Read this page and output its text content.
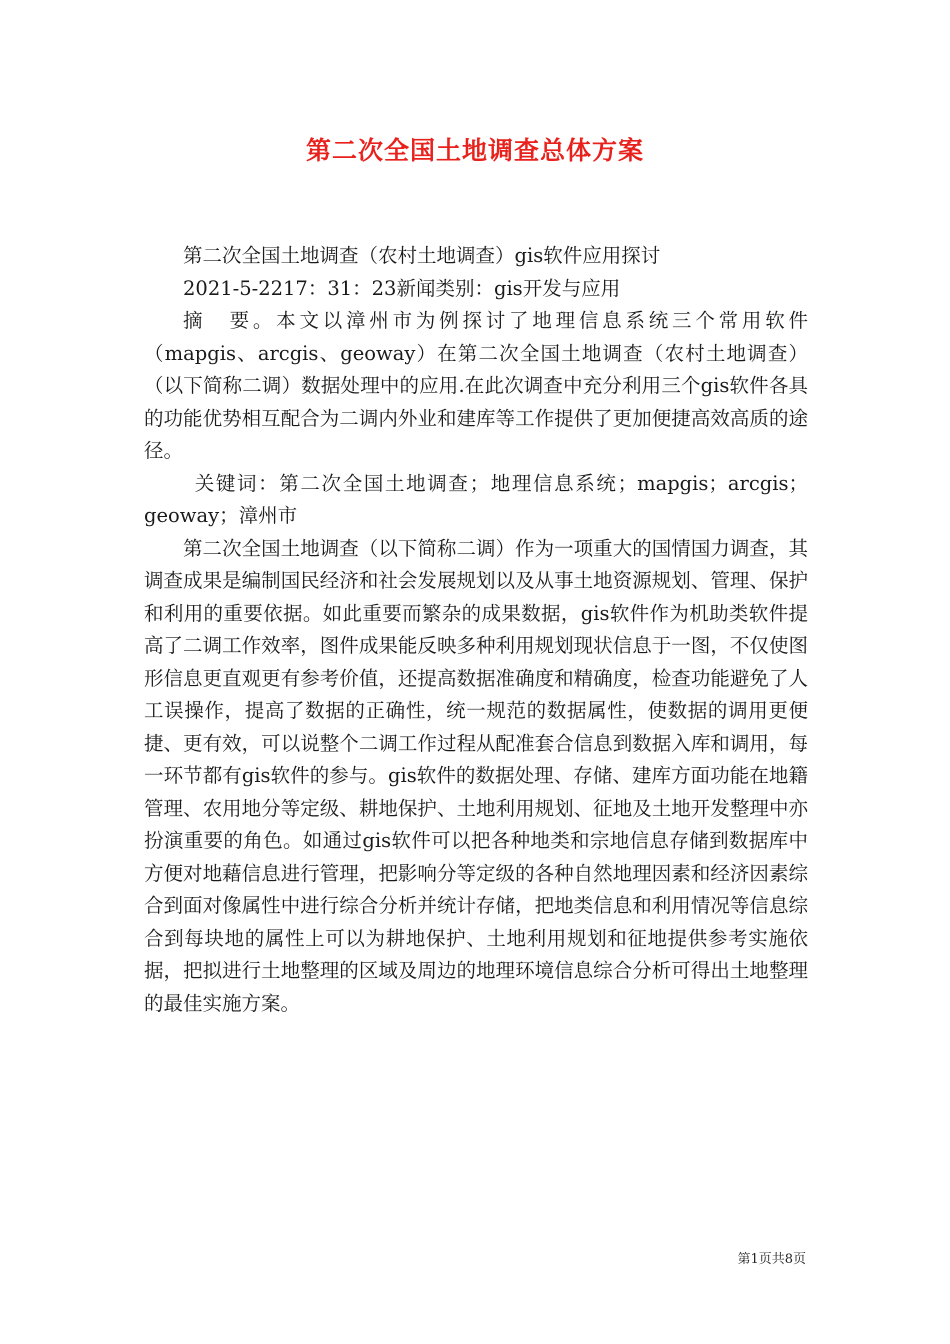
第二次全国土地调查总体方案

第二次全国土地调查（农村土地调查）gis软件应用探讨

2021-5-2217：31：23新闻类别：gis开发与应用

摘　要。本文以漳州市为例探讨了地理信息系统三个常用软件（mapgis、arcgis、geoway）在第二次全国土地调查（农村土地调查）（以下简称二调）数据处理中的应用.在此次调查中充分利用三个gis软件各具的功能优势相互配合为二调内外业和建库等工作提供了更加便捷高效高质的途径。

关键词：第二次全国土地调查；地理信息系统；mapgis；arcgis；geoway；漳州市

第二次全国土地调查（以下简称二调）作为一项重大的国情国力调查，其调查成果是编制国民经济和社会发展规划以及从事土地资源规划、管理、保护和利用的重要依据。如此重要而繁杂的成果数据，gis软件作为机助类软件提高了二调工作效率，图件成果能反映多种利用规划现状信息于一图，不仅使图形信息更直观更有参考价值，还提高数据准确度和精确度，检查功能避免了人工误操作，提高了数据的正确性，统一规范的数据属性，使数据的调用更便捷、更有效，可以说整个二调工作过程从配准套合信息到数据入库和调用，每一环节都有gis软件的参与。gis软件的数据处理、存储、建库方面功能在地籍管理、农用地分等定级、耕地保护、土地利用规划、征地及土地开发整理中亦扮演重要的角色。如通过gis软件可以把各种地类和宗地信息存储到数据库中方便对地藉信息进行管理，把影响分等定级的各种自然地理因素和经济因素综合到面对像属性中进行综合分析并统计存储，把地类信息和利用情况等信息综合到每块地的属性上可以为耕地保护、土地利用规划和征地提供参考实施依据，把拟进行土地整理的区域及周边的地理环境信息综合分析可得出土地整理的最佳实施方案。

第1页共8页
